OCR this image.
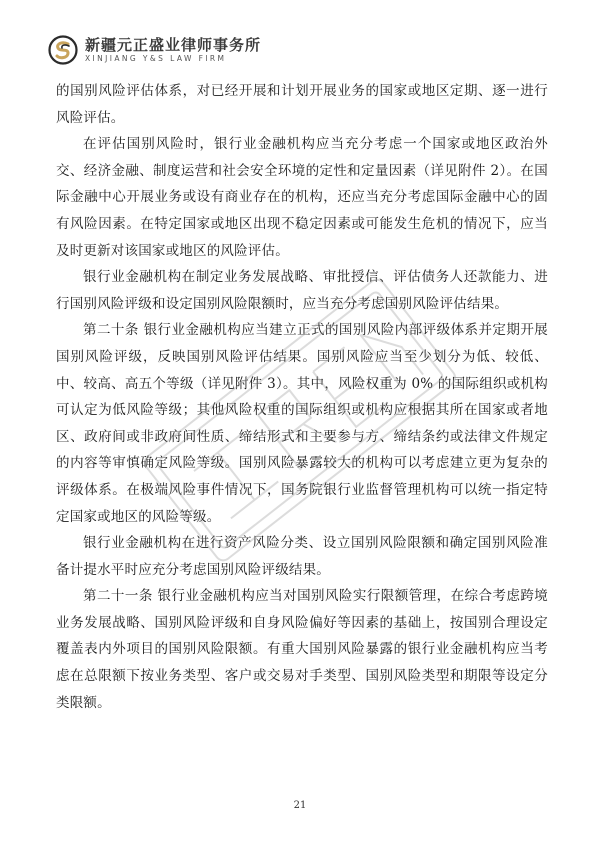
新疆元正盛业律师事务所
XINJIANG Y&S LAW FIRM

的国别风险评估体系，对已经开展和计划开展业务的国家或地区定期、逐一进行风险评估。

在评估国别风险时，银行业金融机构应当充分考虑一个国家或地区政治外交、经济金融、制度运营和社会安全环境的定性和定量因素（详见附件 2）。在国际金融中心开展业务或设有商业存在的机构，还应当充分考虑国际金融中心的固有风险因素。在特定国家或地区出现不稳定因素或可能发生危机的情况下，应当及时更新对该国家或地区的风险评估。

银行业金融机构在制定业务发展战略、审批授信、评估债务人还款能力、进行国别风险评级和设定国别风险限额时，应当充分考虑国别风险评估结果。

第二十条 银行业金融机构应当建立正式的国别风险内部评级体系并定期开展国别风险评级，反映国别风险评估结果。国别风险应当至少划分为低、较低、中、较高、高五个等级（详见附件 3）。其中，风险权重为 0% 的国际组织或机构可认定为低风险等级；其他风险权重的国际组织或机构应根据其所在国家或者地区、政府间或非政府间性质、缔结形式和主要参与方、缔结条约或法律文件规定的内容等审慎确定风险等级。国别风险暴露较大的机构可以考虑建立更为复杂的评级体系。在极端风险事件情况下，国务院银行业监督管理机构可以统一指定特定国家或地区的风险等级。

银行业金融机构在进行资产风险分类、设立国别风险限额和确定国别风险准备计提水平时应充分考虑国别风险评级结果。

第二十一条 银行业金融机构应当对国别风险实行限额管理，在综合考虑跨境业务发展战略、国别风险评级和自身风险偏好等因素的基础上，按国别合理设定覆盖表内外项目的国别风险限额。有重大国别风险暴露的银行业金融机构应当考虑在总限额下按业务类型、客户或交易对手类型、国别风险类型和期限等设定分类限额。

21
